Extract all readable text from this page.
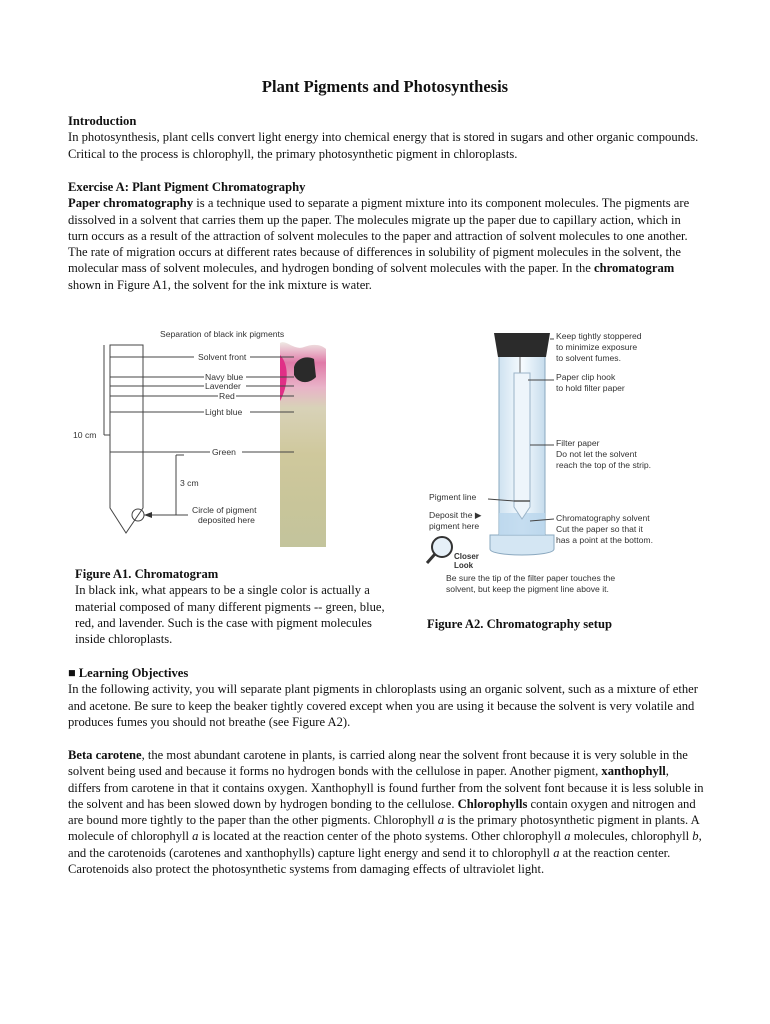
Plant Pigments and Photosynthesis

Introduction

In photosynthesis, plant cells convert light energy into chemical energy that is stored in sugars and other organic compounds. Critical to the process is chlorophyll, the primary photosynthetic pigment in chloroplasts.

Exercise A: Plant Pigment Chromatography

Paper chromatography is a technique used to separate a pigment mixture into its component molecules. The pigments are dissolved in a solvent that carries them up the paper. The molecules migrate up the paper due to capillary action, which in turn occurs as a result of the attraction of solvent molecules to the paper and attraction of solvent molecules to one another. The rate of migration occurs at different rates because of differences in solubility of pigment molecules in the solvent, the molecular mass of solvent molecules, and hydrogen bonding of solvent molecules with the paper. In the chromatogram shown in Figure A1, the solvent for the ink mixture is water.

Separation of black ink pigments
Solvent front
Navy blue
Lavender
Red
Light blue
10 cm
Green
3 cm
Circle of pigment
deposited here
Figure A1. Chromatogram
In black ink, what appears to be a single color is actually a material composed of many different pigments -- green, blue, red, and lavender. Such is the case with pigment molecules inside chloroplasts.
Keep tightly stoppered
to minimize exposure
to solvent fumes.
Paper clip hook
to hold filter paper
Filter paper
Do not let the solvent
reach the top of the strip.
Pigment line
Deposit the ▶
pigment here
Chromatography solvent
Cut the paper so that it
has a point at the bottom.
Closer
Look
Be sure the tip of the filter paper touches the
solvent, but keep the pigment line above it.
Figure A2. Chromatography setup

■ Learning Objectives

In the following activity, you will separate plant pigments in chloroplasts using an organic solvent, such as a mixture of ether and acetone. Be sure to keep the beaker tightly covered except when you are using it because the solvent is very volatile and produces fumes you should not breathe (see Figure A2).

Beta carotene, the most abundant carotene in plants, is carried along near the solvent front because it is very soluble in the solvent being used and because it forms no hydrogen bonds with the cellulose in paper. Another pigment, xanthophyll, differs from carotene in that it contains oxygen. Xanthophyll is found further from the solvent font because it is less soluble in the solvent and has been slowed down by hydrogen bonding to the cellulose. Chlorophylls contain oxygen and nitrogen and are bound more tightly to the paper than the other pigments. Chlorophyll a is the primary photosynthetic pigment in plants. A molecule of chlorophyll a is located at the reaction center of the photo systems. Other chlorophyll a molecules, chlorophyll b, and the carotenoids (carotenes and xanthophylls) capture light energy and send it to chlorophyll a at the reaction center. Carotenoids also protect the photosynthetic systems from damaging effects of ultraviolet light.
